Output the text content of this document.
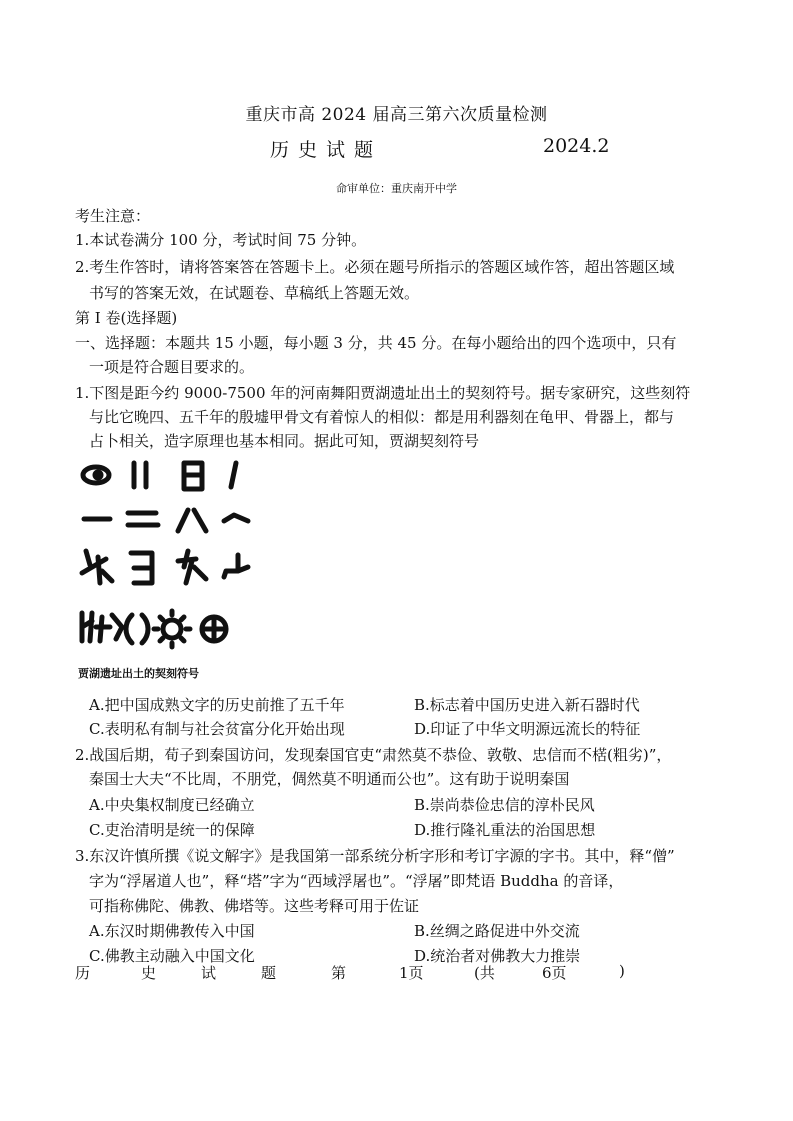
重庆市高 2024 届高三第六次质量检测
历史试题	2024.2
命审单位：重庆南开中学
考生注意：
1.本试卷满分 100 分，考试时间 75 分钟。
2.考生作答时，请将答案答在答题卡上。必须在题号所指示的答题区域作答，超出答题区域
书写的答案无效，在试题卷、草稿纸上答题无效。
第 I 卷(选择题)
一、选择题：本题共 15 小题，每小题 3 分，共 45 分。在每小题给出的四个选项中，只有
一项是符合题目要求的。
1.下图是距今约 9000-7500 年的河南舞阳贾湖遗址出土的契刻符号。据专家研究，这些刻符
与比它晚四、五千年的殷墟甲骨文有着惊人的相似：都是用利器刻在龟甲、骨器上，都与
占卜相关，造字原理也基本相同。据此可知，贾湖契刻符号
贾湖遗址出土的契刻符号
A.把中国成熟文字的历史前推了五千年	B.标志着中国历史进入新石器时代
C.表明私有制与社会贫富分化开始出现	D.印证了中华文明源远流长的特征
2.战国后期，荀子到秦国访问，发现秦国官吏“肃然莫不恭俭、敦敬、忠信而不楛(粗劣)”，
秦国士大夫“不比周，不朋党，倜然莫不明通而公也”。这有助于说明秦国
A.中央集权制度已经确立	B.崇尚恭俭忠信的淳朴民风
C.吏治清明是统一的保障	D.推行隆礼重法的治国思想
3.东汉许慎所撰《说文解字》是我国第一部系统分析字形和考订字源的字书。其中，释“僧”
字为“浮屠道人也”，释“塔”字为“西域浮屠也”。“浮屠”即梵语 Buddha 的音译，
可指称佛陀、佛教、佛塔等。这些考释可用于佐证
A.东汉时期佛教传入中国	B.丝绸之路促进中外交流
C.佛教主动融入中国文化	D.统治者对佛教大力推崇
历	史	试	题	第	1页	(共	6页	)
